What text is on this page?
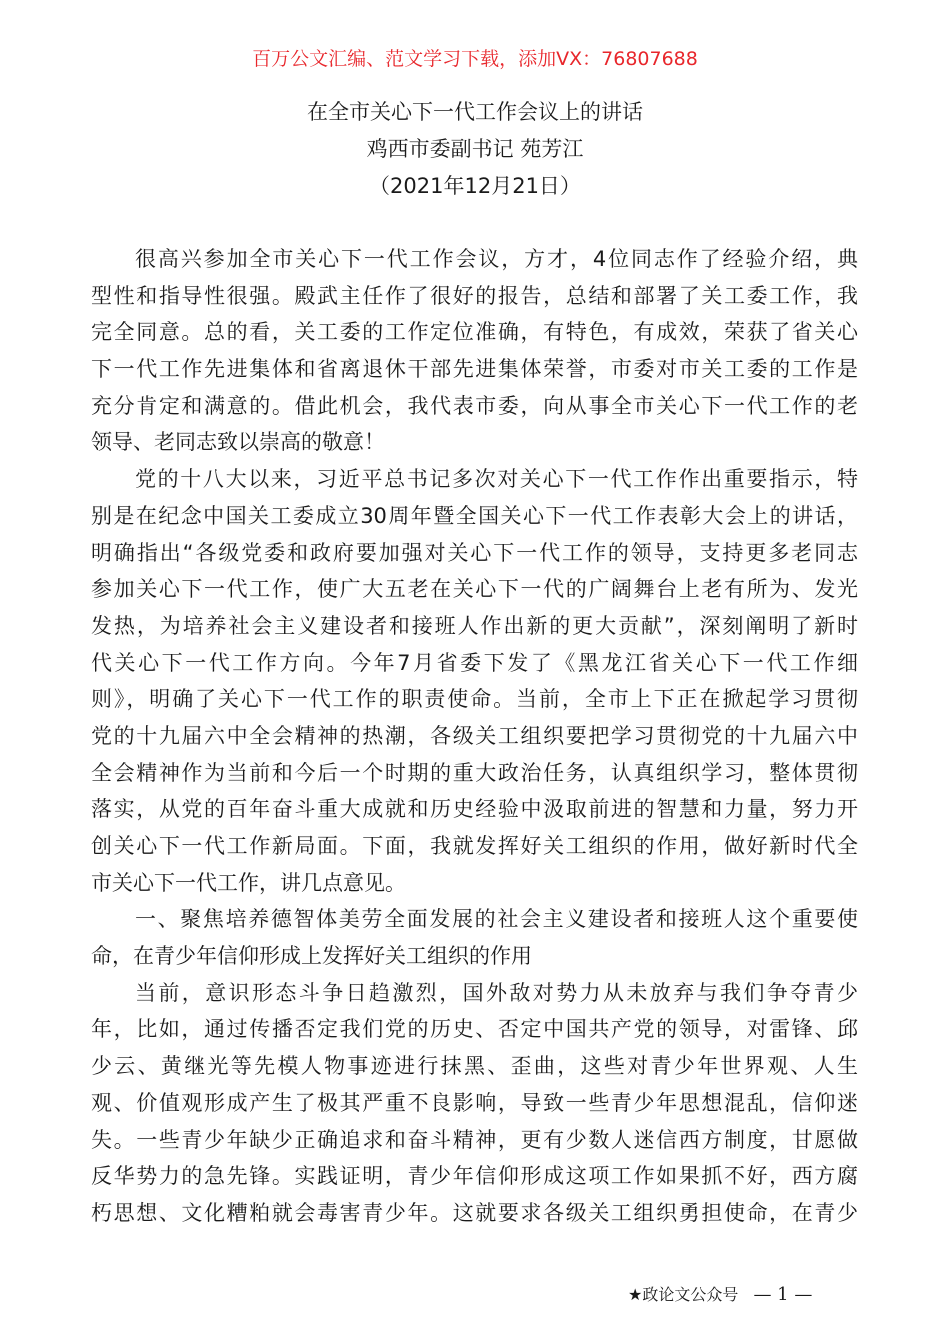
百万公文汇编、范文学习下载，添加VX：76807688
在全市关心下一代工作会议上的讲话
鸡西市委副书记 苑芳江
（2021年12月21日）
很高兴参加全市关心下一代工作会议，方才，4位同志作了经验介绍，典
型性和指导性很强。殿武主任作了很好的报告，总结和部署了关工委工作，我
完全同意。总的看，关工委的工作定位准确，有特色，有成效，荣获了省关心
下一代工作先进集体和省离退休干部先进集体荣誉，市委对市关工委的工作是
充分肯定和满意的。借此机会，我代表市委，向从事全市关心下一代工作的老
领导、老同志致以崇高的敬意！
党的十八大以来，习近平总书记多次对关心下一代工作作出重要指示，特
别是在纪念中国关工委成立30周年暨全国关心下一代工作表彰大会上的讲话，
明确指出“各级党委和政府要加强对关心下一代工作的领导，支持更多老同志
参加关心下一代工作，使广大五老在关心下一代的广阔舞台上老有所为、发光
发热，为培养社会主义建设者和接班人作出新的更大贡献”，深刻阐明了新时
代关心下一代工作方向。今年7月省委下发了《黑龙江省关心下一代工作细
则》，明确了关心下一代工作的职责使命。当前，全市上下正在掀起学习贯彻
党的十九届六中全会精神的热潮，各级关工组织要把学习贯彻党的十九届六中
全会精神作为当前和今后一个时期的重大政治任务，认真组织学习，整体贯彻
落实，从党的百年奋斗重大成就和历史经验中汲取前进的智慧和力量，努力开
创关心下一代工作新局面。下面，我就发挥好关工组织的作用，做好新时代全
市关心下一代工作，讲几点意见。
一、聚焦培养德智体美劳全面发展的社会主义建设者和接班人这个重要使
命，在青少年信仰形成上发挥好关工组织的作用
当前，意识形态斗争日趋激烈，国外敌对势力从未放弃与我们争夺青少
年，比如，通过传播否定我们党的历史、否定中国共产党的领导，对雷锋、邱
少云、黄继光等先模人物事迹进行抹黑、歪曲，这些对青少年世界观、人生
观、价值观形成产生了极其严重不良影响，导致一些青少年思想混乱，信仰迷
失。一些青少年缺少正确追求和奋斗精神，更有少数人迷信西方制度，甘愿做
反华势力的急先锋。实践证明，青少年信仰形成这项工作如果抓不好，西方腐
朽思想、文化糟粕就会毒害青少年。这就要求各级关工组织勇担使命，在青少
★政论文公众号 — 1 —
